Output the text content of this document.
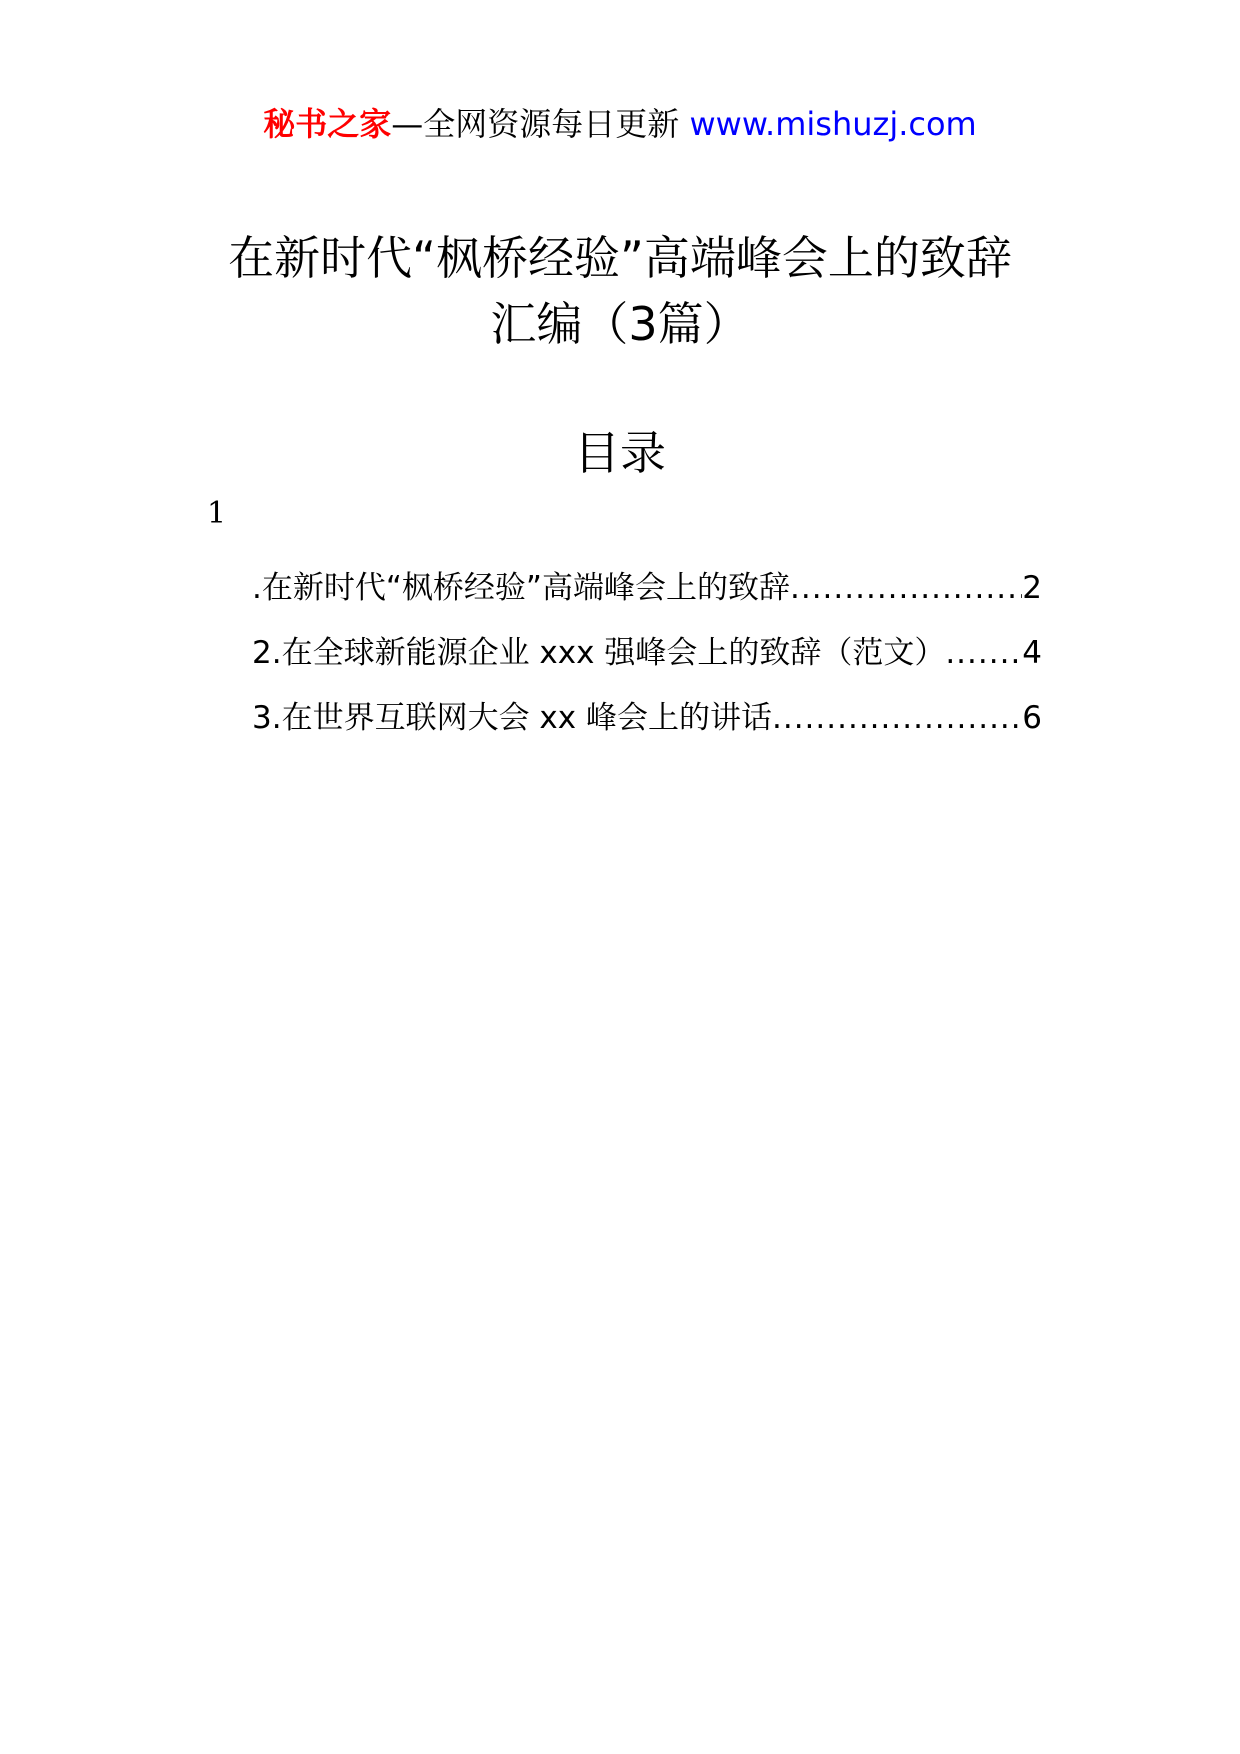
秘书之家—全网资源每日更新 www.mishuzj.com
在新时代“枫桥经验”高端峰会上的致辞
汇编（3篇）
目录
1
.在新时代“枫桥经验”高端峰会上的致辞 .....	2
2.在全球新能源企业 xxx 强峰会上的致辞（范文） ..... 4
3.在世界互联网大会 xx 峰会上的讲话 .....	6
